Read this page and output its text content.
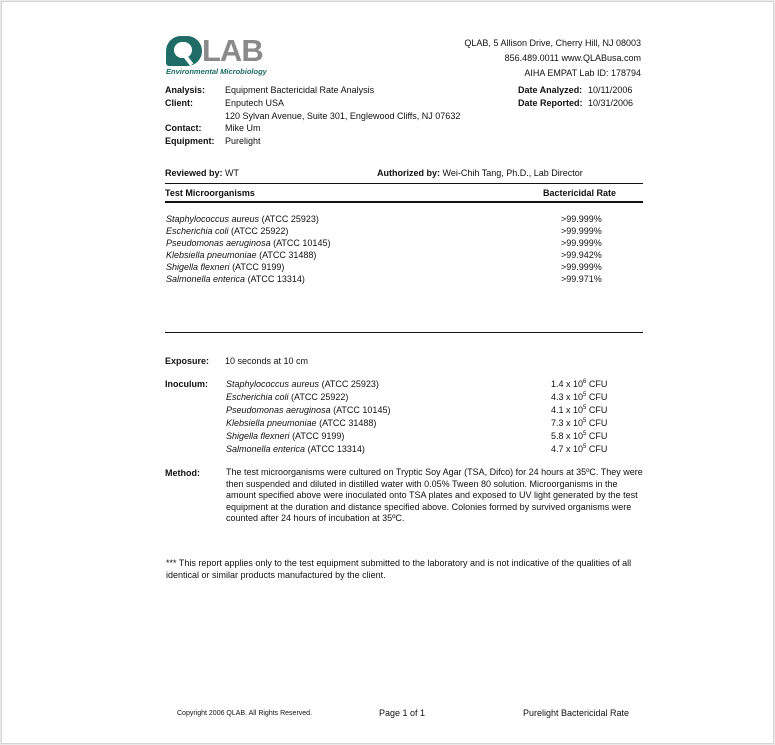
LAB
Environmental Microbiology
QLAB, 5 Allison Drive, Cherry Hill, NJ 08003
856.489.0011 www.QLABusa.com
AIHA EMPAT Lab ID: 178794
Analysis: Equipment Bactericidal Rate Analysis
Client:	Enputech USA
120 Sylvan Avenue, Suite 301, Englewood Cliffs, NJ 07632
Contact:	Mike Um
Equipment: Purelight
Date Analyzed: 10/11/2006
Date Reported: 10/31/2006
Reviewed by: WT	Authorized by: Wei-Chih Tang, Ph.D., Lab Director
Test Microorganisms	Bactericidal Rate
Staphylococcus aureus (ATCC 25923)	>99.999%
Escherichia coli (ATCC 25922)	>99.999%
Pseudomonas aeruginosa (ATCC 10145)	>99.999%
Klebsiella pneumoniae (ATCC 31488)	>99.942%
Shigella flexneri (ATCC 9199)	>99.999%
Salmonella enterica (ATCC 13314)	>99.971%
Exposure: 10 seconds at 10 cm
Inoculum: Staphylococcus aureus (ATCC 25923)	1.4 x $10^6$ CFU
Escherichia coli (ATCC 25922)	4.3 x $10^5$ CFU
Pseudomonas aeruginosa (ATCC 10145)	4.1 x $10^5$ CFU
Klebsiella pneumoniae (ATCC 31488)	7.3 x $10^5$ CFU
Shigella flexneri (ATCC 9199)	5.8 x $10^5$ CFU
Salmonella enterica (ATCC 13314)	4.7 x $10^5$ CFU
Method:	The test microorganisms were cultured on Tryptic Soy Agar (TSA, Difco) for 24 hours at 35ºC. They were then suspended and diluted in distilled water with 0.05% Tween 80 solution. Microorganisms in the amount specified above were inoculated onto TSA plates and exposed to UV light generated by the test equipment at the duration and distance specified above. Colonies formed by survived organisms were counted after 24 hours of incubation at 35ºC.
*** This report applies only to the test equipment submitted to the laboratory and is not indicative of the qualities of all identical or similar products manufactured by the client.
Copyright 2006 QLAB. All Rights Reserved.	Page 1 of 1	Purelight Bactericidal Rate
